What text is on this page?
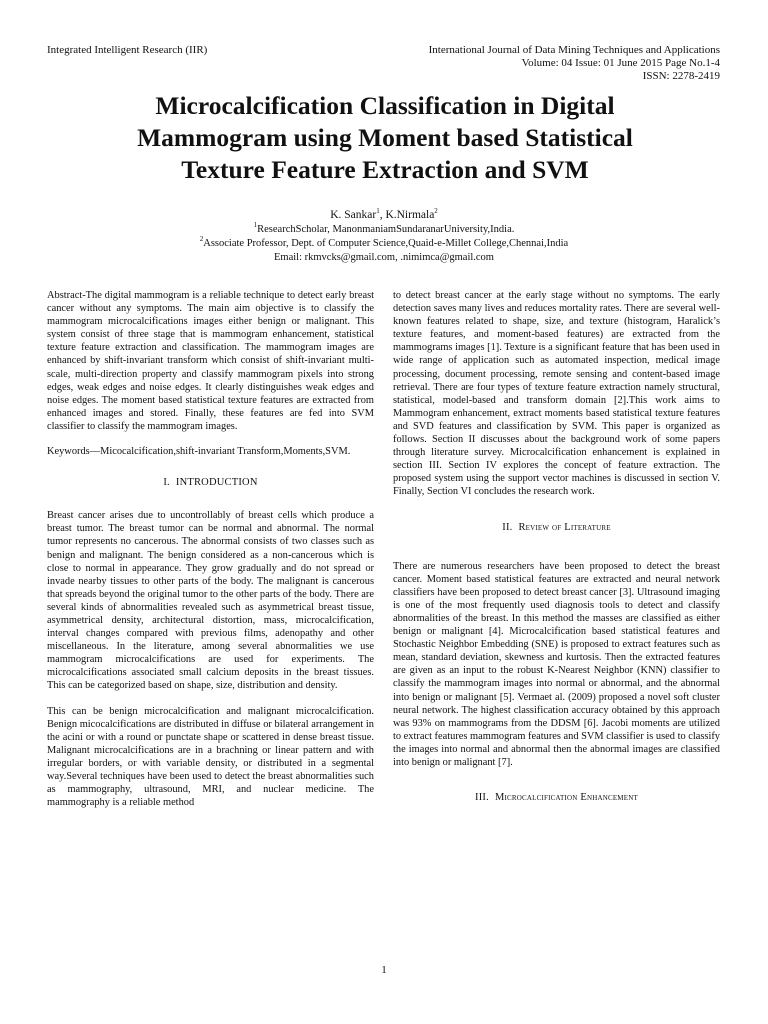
Integrated Intelligent Research (IIR)	International Journal of Data Mining Techniques and Applications
Volume: 04 Issue: 01 June 2015 Page No.1-4
ISSN: 2278-2419
Microcalcification Classification in Digital
Mammogram using Moment based Statistical
Texture Feature Extraction and SVM
K. Sankar$^1$, K.Nirmala$^2$
$^1$ResearchScholar, ManonmaniamSundaranarUniversity,India.
$^2$Associate Professor, Dept. of Computer Science,Quaid-e-Millet College,Chennai,India
Email: rkmvcks@gmail.com, .nimimca@gmail.com

Abstract-The digital mammogram is a reliable technique to detect early breast cancer without any symptoms. The main aim objective is to classify the mammogram microcalcifications images either benign or malignant. This system consist of three stage that is mammogram enhancement, statistical texture feature extraction and classification. The mammogram images are enhanced by shift-invariant transform which consist of shift-invariant multi-scale, multi-direction property and classify mammogram pixels into strong edges, weak edges and noise edges. It clearly distinguishes weak edges and noise edges. The moment based statistical texture features are extracted from enhanced images and stored. Finally, these features are fed into SVM classifier to classify the mammogram images.

Keywords—Micocalcification,shift-invariant Transform,Moments,SVM.

I. INTRODUCTION

Breast cancer arises due to uncontrollably of breast cells which produce a breast tumor. The breast tumor can be normal and abnormal. The normal tumor represents no cancerous. The abnormal consists of two classes such as benign and malignant. The benign considered as a non-cancerous which is close to normal in appearance. They grow gradually and do not spread or invade nearby tissues to other parts of the body. The malignant is cancerous that spreads beyond the original tumor to the other parts of the body. There are several kinds of abnormalities revealed such as asymmetrical breast tissue, asymmetrical density, architectural distortion, mass, microcalcification, interval changes compared with previous films, adenopathy and other miscellaneous. In the literature, among several abnormalities we use mammogram microcalcifications are used for experiments. The microcalcifications associated small calcium deposits in the breast tissues. This can be categorized based on shape, size, distribution and density.

This can be benign microcalcification and malignant microcalcification. Benign micocalcifications are distributed in diffuse or bilateral arrangement in the acini or with a round or punctate shape or scattered in dense breast tissue. Malignant microcalcifications are in a brachning or linear pattern and with irregular borders, or with variable density, or distributed in a segmental way.Several techniques have been used to detect the breast abnormalities such as mammography, ultrasound, MRI, and nuclear medicine. The mammography is a reliable method

to detect breast cancer at the early stage without no symptoms. The early detection saves many lives and reduces mortality rates. There are several well-known features related to shape, size, and texture (histogram, Haralick’s texture features, and moment-based features) are extracted from the mammograms images [1]. Texture is a significant feature that has been used in wide range of application such as automated inspection, medical image processing, document processing, remote sensing and content-based image retrieval. There are four types of texture feature extraction namely structural, statistical, model-based and transform domain [2].This work aims to Mammogram enhancement, extract moments based statistical texture features and SVD features and classification by SVM. This paper is organized as follows. Section II discusses about the background work of some papers through literature survey. Microcalcification enhancement is explained in section III. Section IV explores the concept of feature extraction. The proposed system using the support vector machines is discussed in section V. Finally, Section VI concludes the research work.

II. Review of Literature

There are numerous researchers have been proposed to detect the breast cancer. Moment based statistical features are extracted and neural network classifiers have been proposed to detect breast cancer [3]. Ultrasound imaging is one of the most frequently used diagnosis tools to detect and classify abnormalities of the breast. In this method the masses are classified as either benign or malignant [4]. Microcalcification based statistical features and Stochastic Neighbor Embedding (SNE) is proposed to extract features such as mean, standard deviation, skewness and kurtosis. Then the extracted features are given as an input to the robust K-Nearest Neighbor (KNN) classifier to classify the mammogram images into normal or abnormal, and the abnormal into benign or malignant [5]. Vermaet al. (2009) proposed a novel soft cluster neural network. The highest classification accuracy obtained by this approach was 93% on mammograms from the DDSM [6]. Jacobi moments are utilized to extract features mammogram features and SVM classifier is used to classify the images into normal and abnormal then the abnormal images are classified into benign or malignant [7].

III. Microcalcification Enhancement
1
